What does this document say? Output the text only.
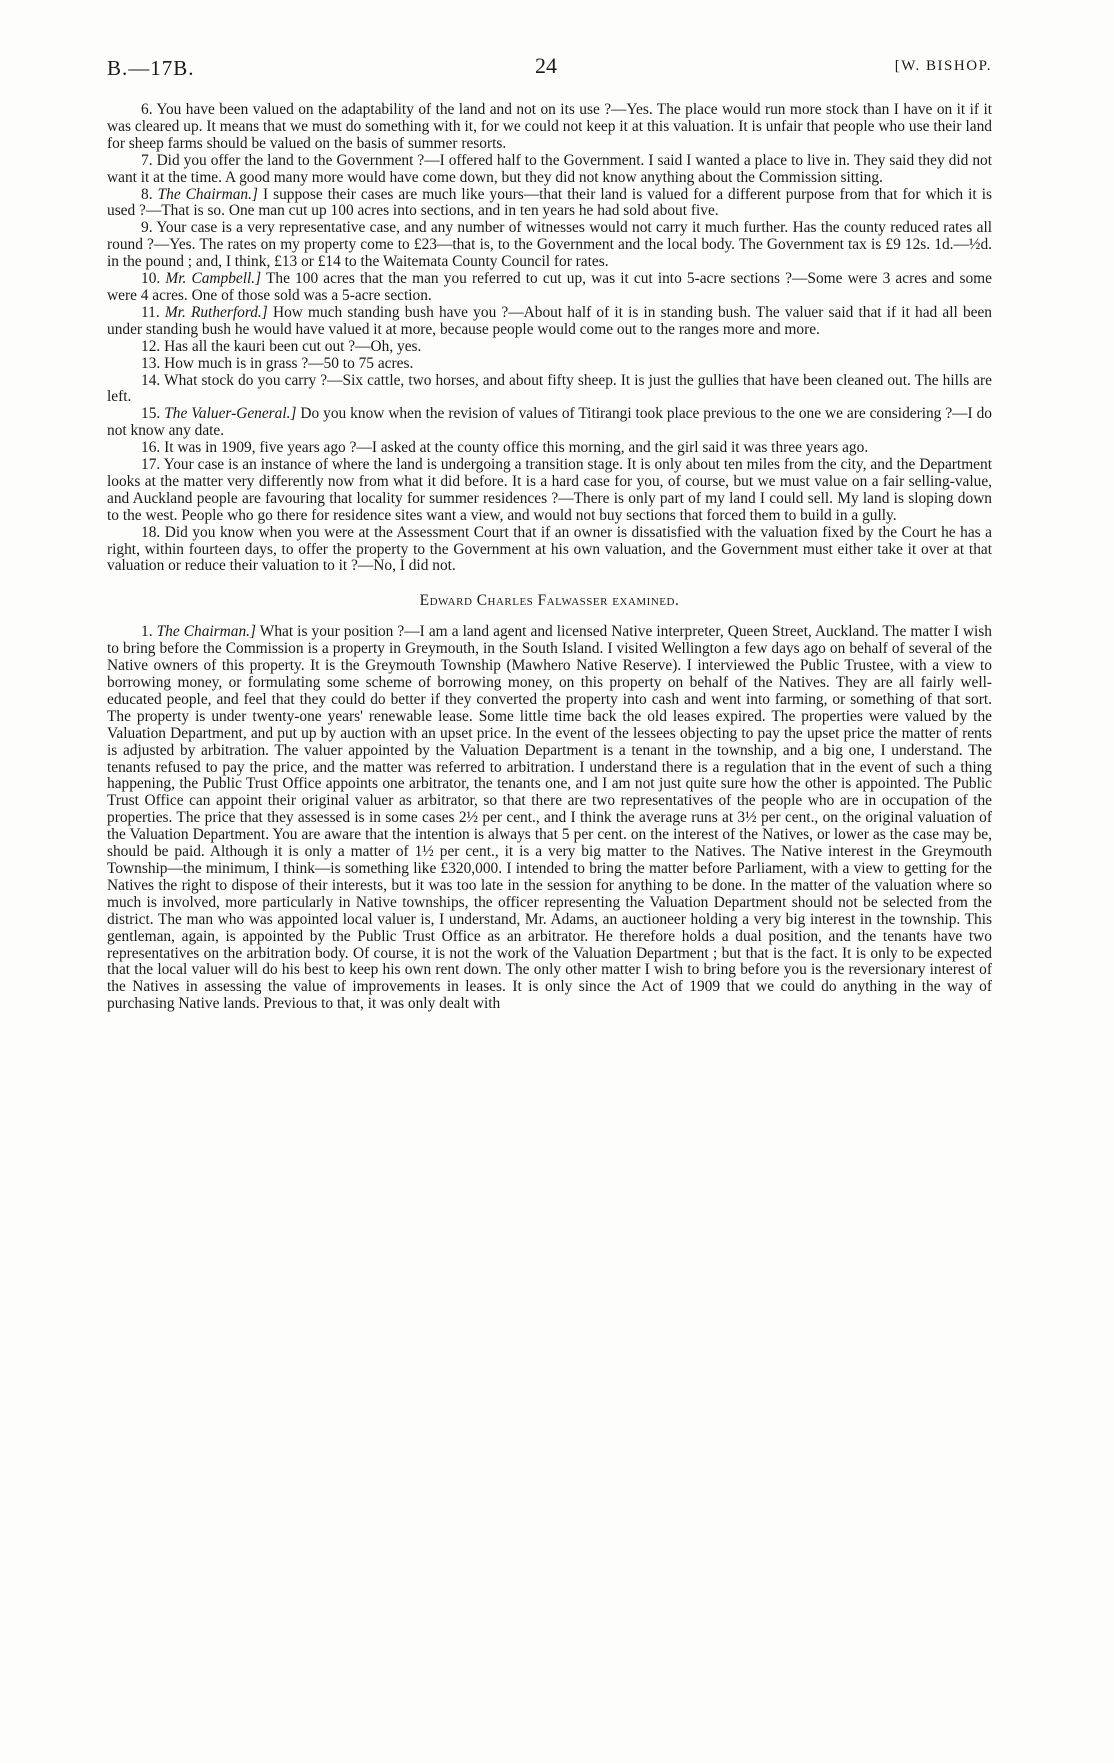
B.—17B.	24	[W. BISHOP.

6. You have been valued on the adaptability of the land and not on its use ?—Yes. The place would run more stock than I have on it if it was cleared up. It means that we must do something with it, for we could not keep it at this valuation. It is unfair that people who use their land for sheep farms should be valued on the basis of summer resorts.

7. Did you offer the land to the Government ?—I offered half to the Government. I said I wanted a place to live in. They said they did not want it at the time. A good many more would have come down, but they did not know anything about the Commission sitting.

8. The Chairman.] I suppose their cases are much like yours—that their land is valued for a different purpose from that for which it is used ?—That is so. One man cut up 100 acres into sections, and in ten years he had sold about five.

9. Your case is a very representative case, and any number of witnesses would not carry it much further. Has the county reduced rates all round ?—Yes. The rates on my property come to £23—that is, to the Government and the local body. The Government tax is £9 12s. 1d.—½d. in the pound ; and, I think, £13 or £14 to the Waitemata County Council for rates.

10. Mr. Campbell.] The 100 acres that the man you referred to cut up, was it cut into 5-acre sections ?—Some were 3 acres and some were 4 acres. One of those sold was a 5-acre section.

11. Mr. Rutherford.] How much standing bush have you ?—About half of it is in standing bush. The valuer said that if it had all been under standing bush he would have valued it at more, because people would come out to the ranges more and more.

12. Has all the kauri been cut out ?—Oh, yes.

13. How much is in grass ?—50 to 75 acres.

14. What stock do you carry ?—Six cattle, two horses, and about fifty sheep. It is just the gullies that have been cleaned out. The hills are left.

15. The Valuer-General.] Do you know when the revision of values of Titirangi took place previous to the one we are considering ?—I do not know any date.

16. It was in 1909, five years ago ?—I asked at the county office this morning, and the girl said it was three years ago.

17. Your case is an instance of where the land is undergoing a transition stage. It is only about ten miles from the city, and the Department looks at the matter very differently now from what it did before. It is a hard case for you, of course, but we must value on a fair selling-value, and Auckland people are favouring that locality for summer residences ?—There is only part of my land I could sell. My land is sloping down to the west. People who go there for residence sites want a view, and would not buy sections that forced them to build in a gully.

18. Did you know when you were at the Assessment Court that if an owner is dissatisfied with the valuation fixed by the Court he has a right, within fourteen days, to offer the property to the Government at his own valuation, and the Government must either take it over at that valuation or reduce their valuation to it ?—No, I did not.

Edward Charles Falwasser examined.

1. The Chairman.] What is your position ?—I am a land agent and licensed Native interpreter, Queen Street, Auckland. The matter I wish to bring before the Commission is a property in Greymouth, in the South Island. I visited Wellington a few days ago on behalf of several of the Native owners of this property. It is the Greymouth Township (Mawhero Native Reserve). I interviewed the Public Trustee, with a view to borrowing money, or formulating some scheme of borrowing money, on this property on behalf of the Natives. They are all fairly well-educated people, and feel that they could do better if they converted the property into cash and went into farming, or something of that sort. The property is under twenty-one years' renewable lease. Some little time back the old leases expired. The properties were valued by the Valuation Department, and put up by auction with an upset price. In the event of the lessees objecting to pay the upset price the matter of rents is adjusted by arbitration. The valuer appointed by the Valuation Department is a tenant in the township, and a big one, I understand. The tenants refused to pay the price, and the matter was referred to arbitration. I understand there is a regulation that in the event of such a thing happening, the Public Trust Office appoints one arbitrator, the tenants one, and I am not just quite sure how the other is appointed. The Public Trust Office can appoint their original valuer as arbitrator, so that there are two representatives of the people who are in occupation of the properties. The price that they assessed is in some cases 2½ per cent., and I think the average runs at 3½ per cent., on the original valuation of the Valuation Department. You are aware that the intention is always that 5 per cent. on the interest of the Natives, or lower as the case may be, should be paid. Although it is only a matter of 1½ per cent., it is a very big matter to the Natives. The Native interest in the Greymouth Township—the minimum, I think—is something like £320,000. I intended to bring the matter before Parliament, with a view to getting for the Natives the right to dispose of their interests, but it was too late in the session for anything to be done. In the matter of the valuation where so much is involved, more particularly in Native townships, the officer representing the Valuation Department should not be selected from the district. The man who was appointed local valuer is, I understand, Mr. Adams, an auctioneer holding a very big interest in the township. This gentleman, again, is appointed by the Public Trust Office as an arbitrator. He therefore holds a dual position, and the tenants have two representatives on the arbitration body. Of course, it is not the work of the Valuation Department ; but that is the fact. It is only to be expected that the local valuer will do his best to keep his own rent down. The only other matter I wish to bring before you is the reversionary interest of the Natives in assessing the value of improvements in leases. It is only since the Act of 1909 that we could do anything in the way of purchasing Native lands. Previous to that, it was only dealt with
